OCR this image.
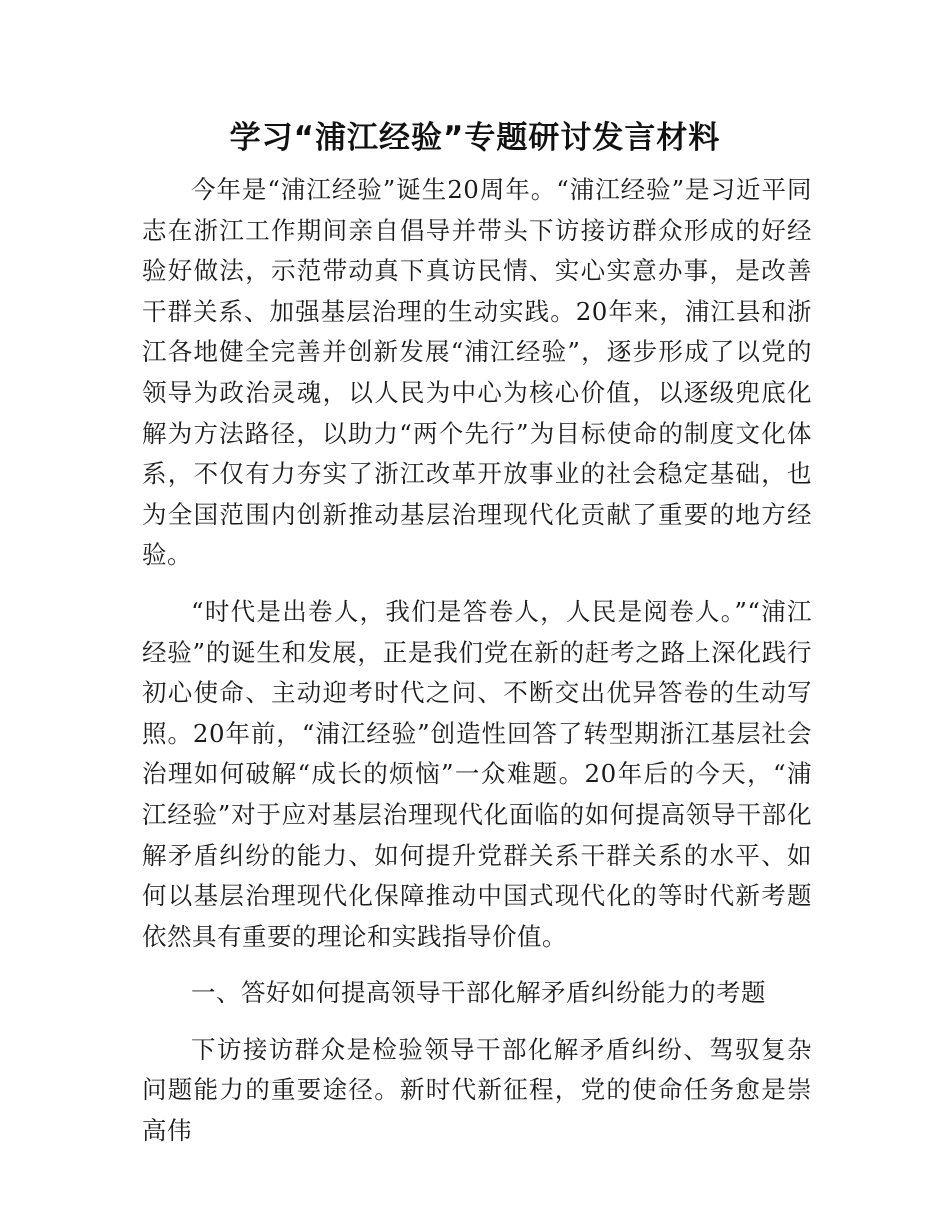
学习“浦江经验”专题研讨发言材料

今年是“浦江经验”诞生20周年。“浦江经验”是习近平同志在浙江工作期间亲自倡导并带头下访接访群众形成的好经验好做法，示范带动真下真访民情、实心实意办事，是改善干群关系、加强基层治理的生动实践。20年来，浦江县和浙江各地健全完善并创新发展“浦江经验”，逐步形成了以党的领导为政治灵魂，以人民为中心为核心价值，以逐级兜底化解为方法路径，以助力“两个先行”为目标使命的制度文化体系，不仅有力夯实了浙江改革开放事业的社会稳定基础，也为全国范围内创新推动基层治理现代化贡献了重要的地方经验。

“时代是出卷人，我们是答卷人，人民是阅卷人。”“浦江经验”的诞生和发展，正是我们党在新的赶考之路上深化践行初心使命、主动迎考时代之问、不断交出优异答卷的生动写照。20年前，“浦江经验”创造性回答了转型期浙江基层社会治理如何破解“成长的烦恼”一众难题。20年后的今天，“浦江经验”对于应对基层治理现代化面临的如何提高领导干部化解矛盾纠纷的能力、如何提升党群关系干群关系的水平、如何以基层治理现代化保障推动中国式现代化的等时代新考题依然具有重要的理论和实践指导价值。

一、答好如何提高领导干部化解矛盾纠纷能力的考题

下访接访群众是检验领导干部化解矛盾纠纷、驾驭复杂问题能力的重要途径。新时代新征程，党的使命任务愈是崇高伟
